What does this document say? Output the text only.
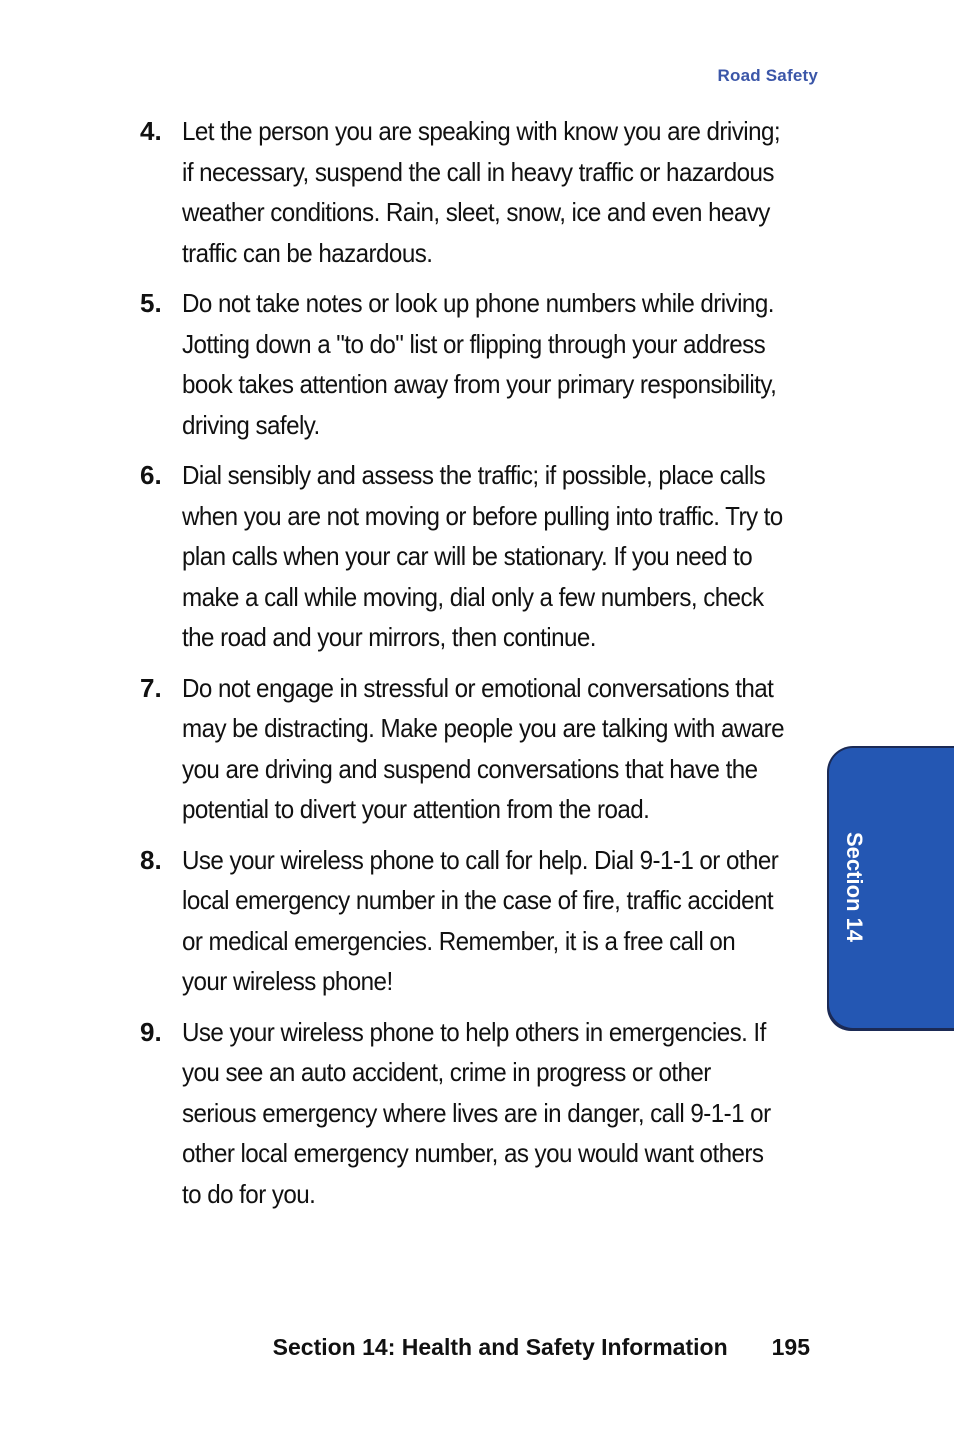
Road Safety
4. Let the person you are speaking with know you are driving; if necessary, suspend the call in heavy traffic or hazardous weather conditions. Rain, sleet, snow, ice and even heavy traffic can be hazardous.
5. Do not take notes or look up phone numbers while driving. Jotting down a "to do" list or flipping through your address book takes attention away from your primary responsibility, driving safely.
6. Dial sensibly and assess the traffic; if possible, place calls when you are not moving or before pulling into traffic. Try to plan calls when your car will be stationary. If you need to make a call while moving, dial only a few numbers, check the road and your mirrors, then continue.
7. Do not engage in stressful or emotional conversations that may be distracting. Make people you are talking with aware you are driving and suspend conversations that have the potential to divert your attention from the road.
8. Use your wireless phone to call for help. Dial 9-1-1 or other local emergency number in the case of fire, traffic accident or medical emergencies. Remember, it is a free call on your wireless phone!
9. Use your wireless phone to help others in emergencies. If you see an auto accident, crime in progress or other serious emergency where lives are in danger, call 9-1-1 or other local emergency number, as you would want others to do for you.
Section 14
Section 14: Health and Safety Information 195
